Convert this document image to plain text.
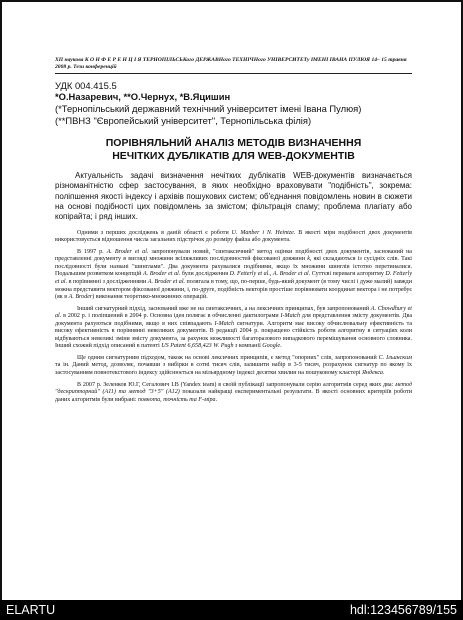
XII наукова К О Н Ф Е Р Е Н Ц І Я ТЕРНОПІЛЬСЬКого ДЕРЖАВНого ТЕХНІЧНого УНІВЕРСИТЕТу ІМЕНІ ІВАНА ПУЛЮЯ 14– 15 травня 2008 р. Тези конференцій
УДК 004.415.5
*О.Назаревич, **О.Чернух, *В.Яцишин
(*Тернопільський державний технічний університет імені Івана Пулюя)
(**ПВНЗ "Європейський університет", Тернопільська філія)
ПОРІВНЯЛЬНИЙ АНАЛІЗ МЕТОДІВ ВИЗНАЧЕННЯ
НЕЧІТКИХ ДУБЛІКАТІВ ДЛЯ WEB-ДОКУМЕНТІВ
Актуальність задачі визначення нечітких дублікатів WEB-документів визначається різноманітністю сфер застосування, в яких необхідно враховувати "подібність", зокрема: поліпшення якості індексу і архівів пошукових систем; об'єднання повідомлень новин в сюжети на основі подібності цих повідомлень за змістом; фільтрація спаму; проблема плагіату або копірайта; і ряд інших.

Одними з перших досліджень в даній області є роботи U. Manber і N. Heintze. В якості міри подібності двох документів використовується відношення числа загальних підстрічок до розміру файла або документа.

В 1997 р. A. Broder et al. запропонували новий, "синтаксичний" метод оцінки подібності двох документів, заснований на представленні документу в вигляді множини всіляжливих послідовностей фіксованої довжини k, які складаються із сусідніх слів. Такі послідовності були названі "шинглами". Два документа рахувалися подібними, якщо їх множини шинглів істотно перетиналися. Подальшим розвитком концепцій A. Broder et al. були дослідження D. Fetterly et al., A. Broder et al. Суттєві переваги алгоритму D. Fetterly et al. в порівнянні з дослідженнями A. Broder et al. полягала в тому, що, по-перше, будь-який документ (в тому числі і дуже малий) завжди можна представити вектором фіксованої довжини, і, по-друге, подібність векторів простіше порівнювати координат вектора і не потребує (як в A. Broder) виконання теоретико-множинних операцій.

Інший сигнатурний підхід, заснований вже не на синтаксичних, а на лексичних принципах, був запропонований A. Chowdhury et al. в 2002 р. і поліпшений в 2004 р. Основна ідея полягає в обчисленні дактилограми I-Match для представлення змісту документів. Два документа рахуються подібними, якщо в них співпадають I-Match сигнатури. Алгоритм має високу обчислювальну ефективність та високу ефективність в порівнянні невеликих документів. В редакції 2004 р. покращено стійкість роботи алгоритму в ситуаціях коли відбуваються невеликі зміни змісту документа, за рахунок можливості багаторазового випадкового перемішування основного словника. Інший схожий підхід описаний в патенті US Patent 6,658,423 W. Pugh з компанії Google.

Ще одним сигнатурним підходом, також на основі лексичних принципів, є метод "опорних" слів, запропонований С. Ільинским та ін. Даний метод, дозволяє, почавши з вибірки в сотні тисяч слів, залишити набір в 3-5 тисяч, розрахунок сигнатур по якому їх застосуванням повнотекстового індексу здійснюється на мільярдному індексі десятки хвилин на пошуковому кластері Яндекса.

В 2007 р. Зеленков Ю.Г, Сегалович І.В (Yandex team) в своїй публікації запропонували серію алгоритмів серед яких два: метод "дескрипторний" (A11) та метод "3+5" (A12) показали найкращі експериментальні результати. В якості основних критеріїв роботи даних алгоритмів були вибрані: повнота, точність та F-міра.

ELARTU	hdl:123456789/155
